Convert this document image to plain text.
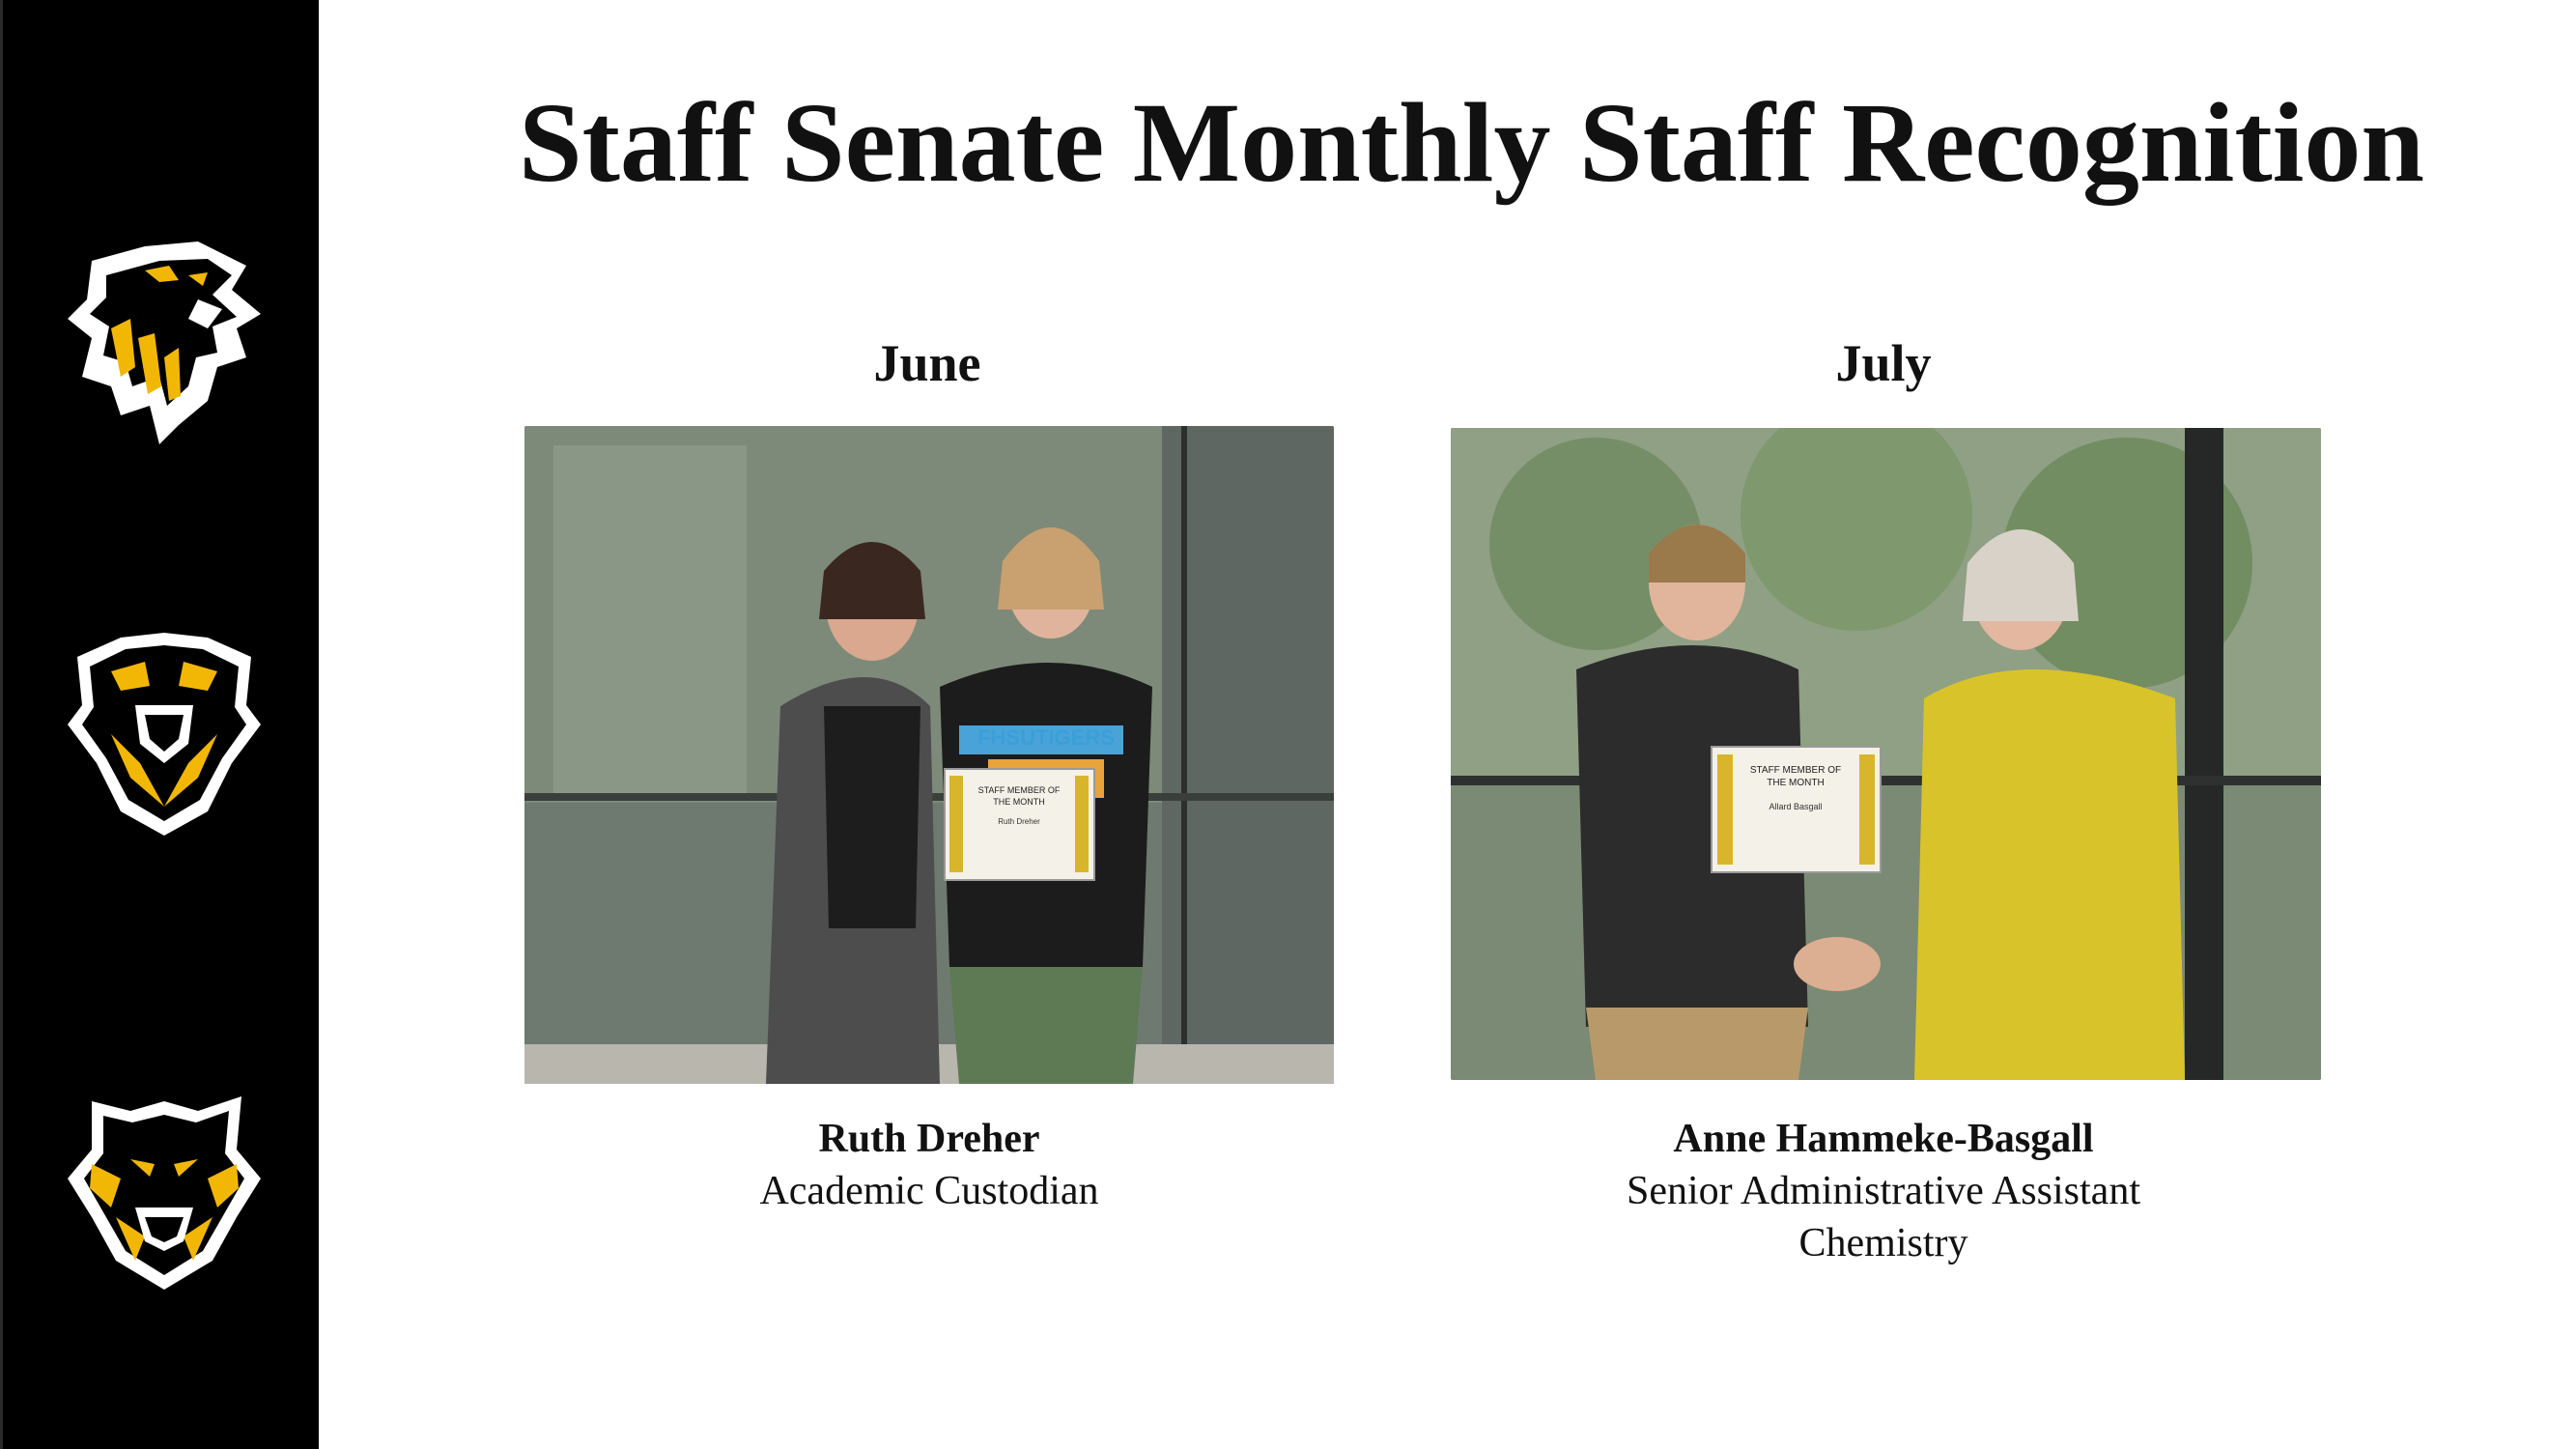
Staff Senate Monthly Staff Recognition
June
STAFF MEMBER OF
THE MONTH
Ruth Dreher
FHSUTIGERS
Ruth Dreher
Academic Custodian
July
STAFF MEMBER OF
THE MONTH
Allard Basgall
Anne Hammeke-Basgall
Senior Administrative Assistant
Chemistry
